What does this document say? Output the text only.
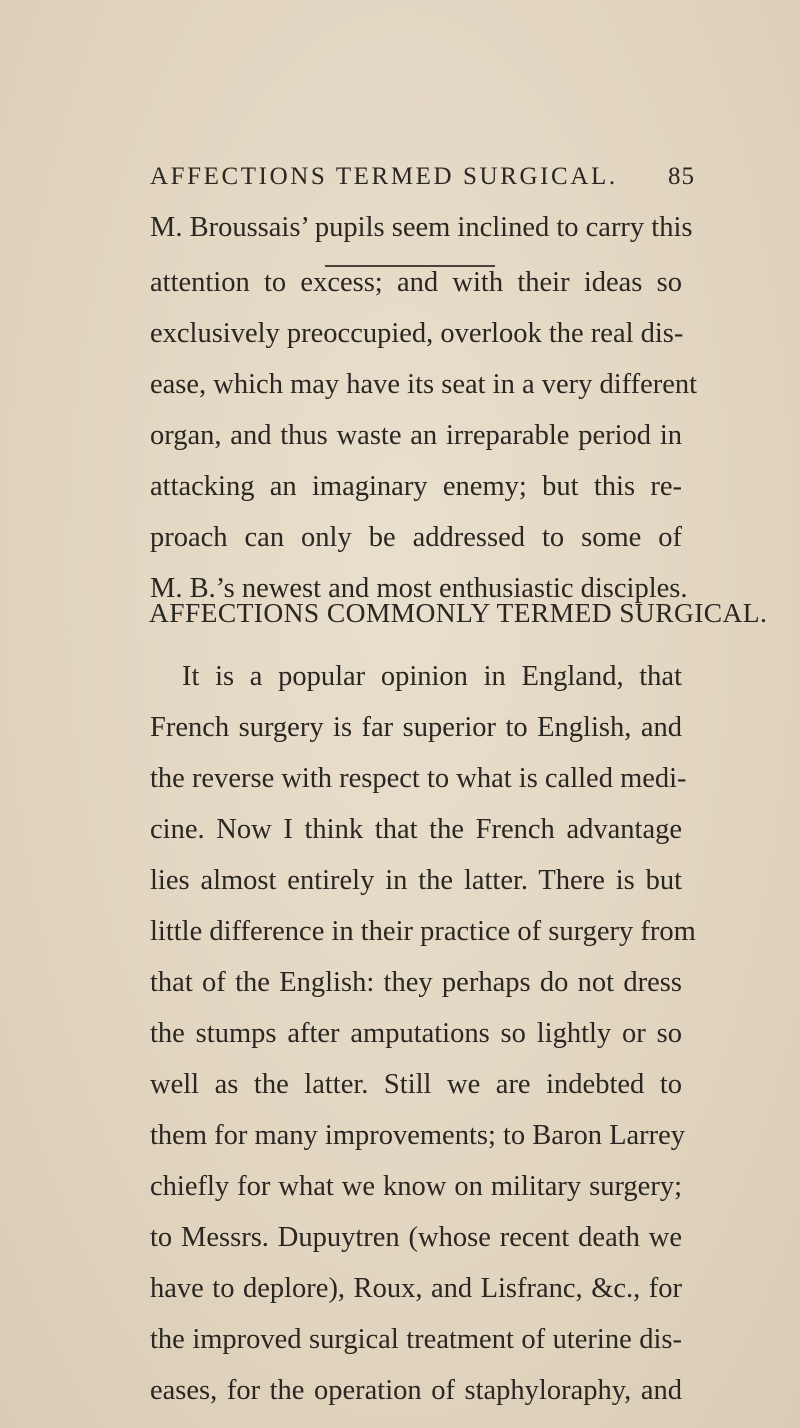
AFFECTIONS TERMED SURGICAL. 85
M. Broussais’ pupils seem inclined to carry this
attention to excess; and with their ideas so
exclusively preoccupied, overlook the real dis-
ease, which may have its seat in a very different
organ, and thus waste an irreparable period in
attacking an imaginary enemy; but this re-
proach can only be addressed to some of
M. B.’s newest and most enthusiastic disciples.
AFFECTIONS COMMONLY TERMED SURGICAL.
It is a popular opinion in England, that
French surgery is far superior to English, and
the reverse with respect to what is called medi-
cine. Now I think that the French advantage
lies almost entirely in the latter. There is but
little difference in their practice of surgery from
that of the English: they perhaps do not dress
the stumps after amputations so lightly or so
well as the latter. Still we are indebted to
them for many improvements; to Baron Larrey
chiefly for what we know on military surgery;
to Messrs. Dupuytren (whose recent death we
have to deplore), Roux, and Lisfranc, &c., for
the improved surgical treatment of uterine dis-
eases, for the operation of staphyloraphy, and
